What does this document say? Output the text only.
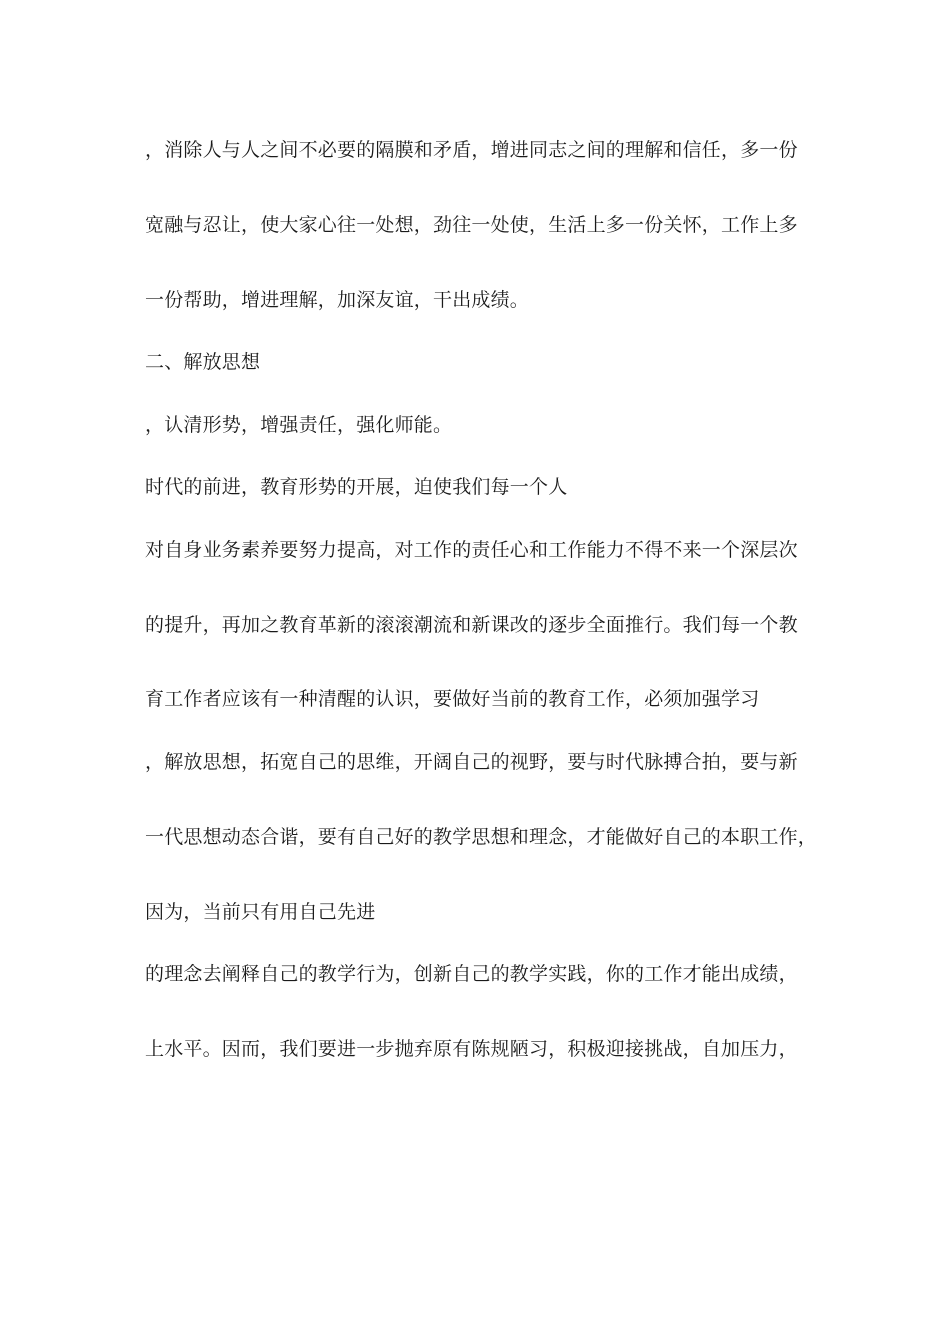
，消除人与人之间不必要的隔膜和矛盾，增进同志之间的理解和信任，多一份
宽融与忍让，使大家心往一处想，劲往一处使，生活上多一份关怀，工作上多
一份帮助，增进理解，加深友谊，干出成绩。
二、解放思想
，认清形势，增强责任，强化师能。
时代的前进，教育形势的开展，迫使我们每一个人
对自身业务素养要努力提高，对工作的责任心和工作能力不得不来一个深层次
的提升，再加之教育革新的滚滚潮流和新课改的逐步全面推行。我们每一个教
育工作者应该有一种清醒的认识，要做好当前的教育工作，必须加强学习
，解放思想，拓宽自己的思维，开阔自己的视野，要与时代脉搏合拍，要与新
一代思想动态合谐，要有自己好的教学思想和理念，才能做好自己的本职工作，
因为，当前只有用自己先进
的理念去阐释自己的教学行为，创新自己的教学实践，你的工作才能出成绩，
上水平。因而，我们要进一步抛弃原有陈规陋习，积极迎接挑战，自加压力，
